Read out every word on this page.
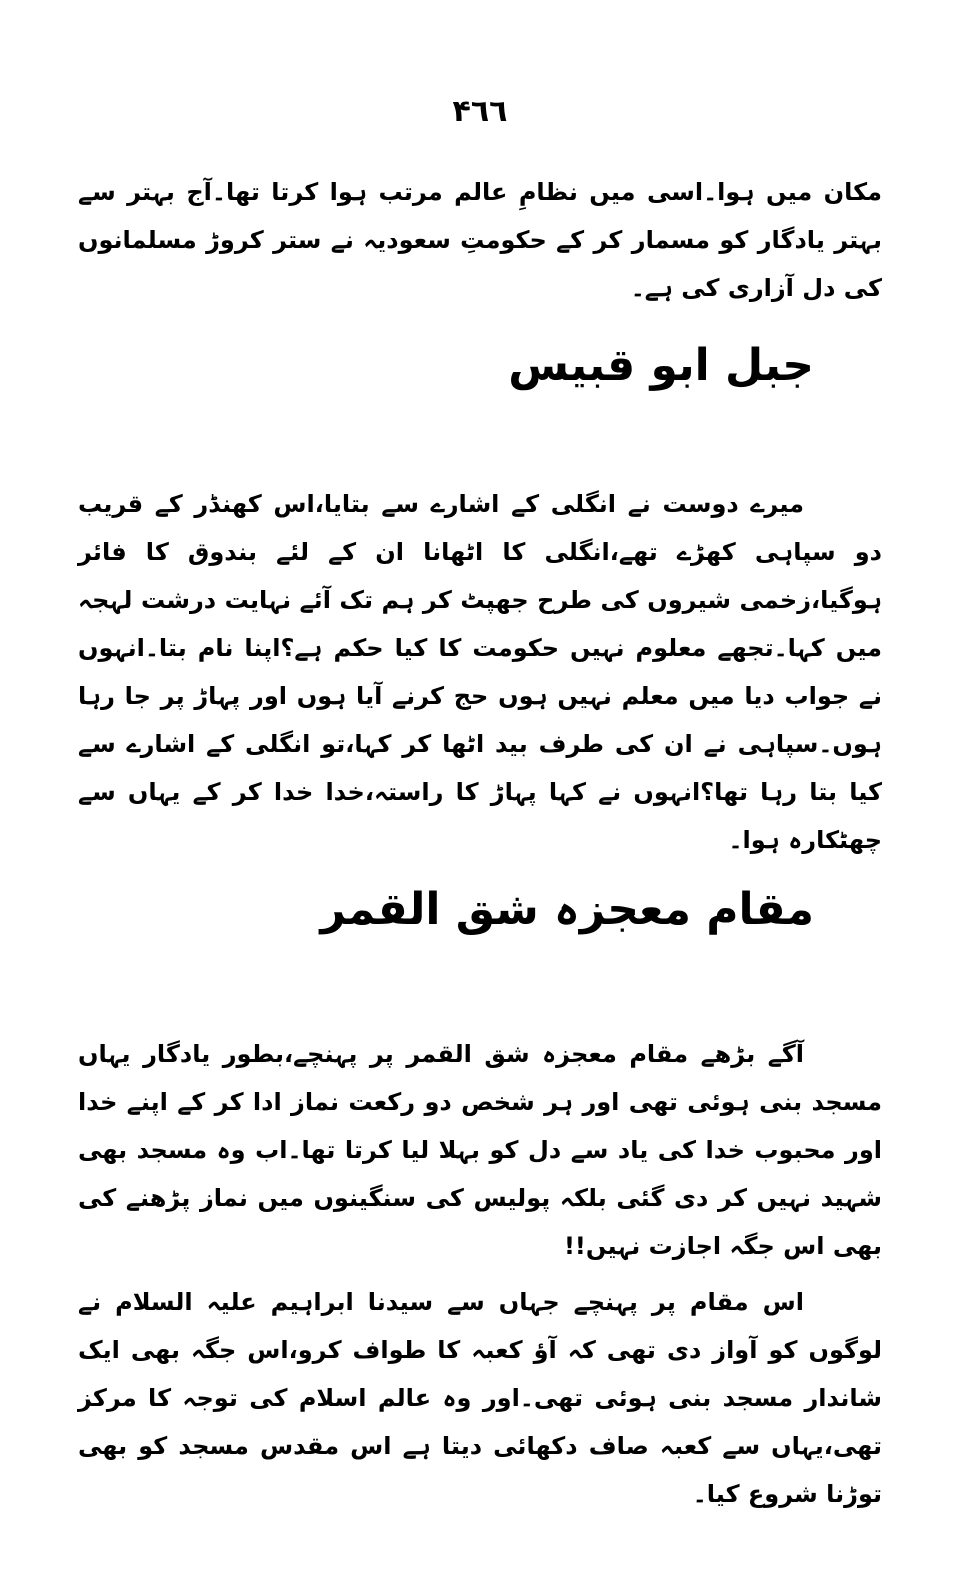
۴٦٦

مکان میں ہوا۔اسی میں نظامِ عالم مرتب ہوا کرتا تھا۔آج بہتر سے بہتر یادگار کو مسمار کر کے حکومتِ سعودیہ نے ستر کروڑ مسلمانوں کی دل آزاری کی ہے۔

جبل ابو قبیس

میرے دوست نے انگلی کے اشارے سے بتایا،اس کھنڈر کے قریب دو سپاہی کھڑے تھے،انگلی کا اٹھانا ان کے لئے بندوق کا فائر ہوگیا،زخمی شیروں کی طرح جھپٹ کر ہم تک آئے نہایت درشت لہجہ میں کہا۔تجھے معلوم نہیں حکومت کا کیا حکم ہے؟اپنا نام بتا۔انہوں نے جواب دیا میں معلم نہیں ہوں حج کرنے آیا ہوں اور پہاڑ پر جا رہا ہوں۔سپاہی نے ان کی طرف بید اٹھا کر کہا،تو انگلی کے اشارے سے کیا بتا رہا تھا؟انہوں نے کہا پہاڑ کا راستہ،خدا خدا کر کے یہاں سے چھٹکارہ ہوا۔

مقام معجزہ شق القمر

آگے بڑھے مقام معجزہ شق القمر پر پہنچے،بطور یادگار یہاں مسجد بنی ہوئی تھی اور ہر شخص دو رکعت نماز ادا کر کے اپنے خدا اور محبوب خدا کی یاد سے دل کو بہلا لیا کرتا تھا۔اب وہ مسجد بھی شہید نہیں کر دی گئی بلکہ پولیس کی سنگینوں میں نماز پڑھنے کی بھی اس جگہ اجازت نہیں!!

اس مقام پر پہنچے جہاں سے سیدنا ابراہیم علیہ السلام نے لوگوں کو آواز دی تھی کہ آؤ کعبہ کا طواف کرو،اس جگہ بھی ایک شاندار مسجد بنی ہوئی تھی۔اور وہ عالم اسلام کی توجہ کا مرکز تھی،یہاں سے کعبہ صاف دکھائی دیتا ہے اس مقدس مسجد کو بھی توڑنا شروع کیا۔
